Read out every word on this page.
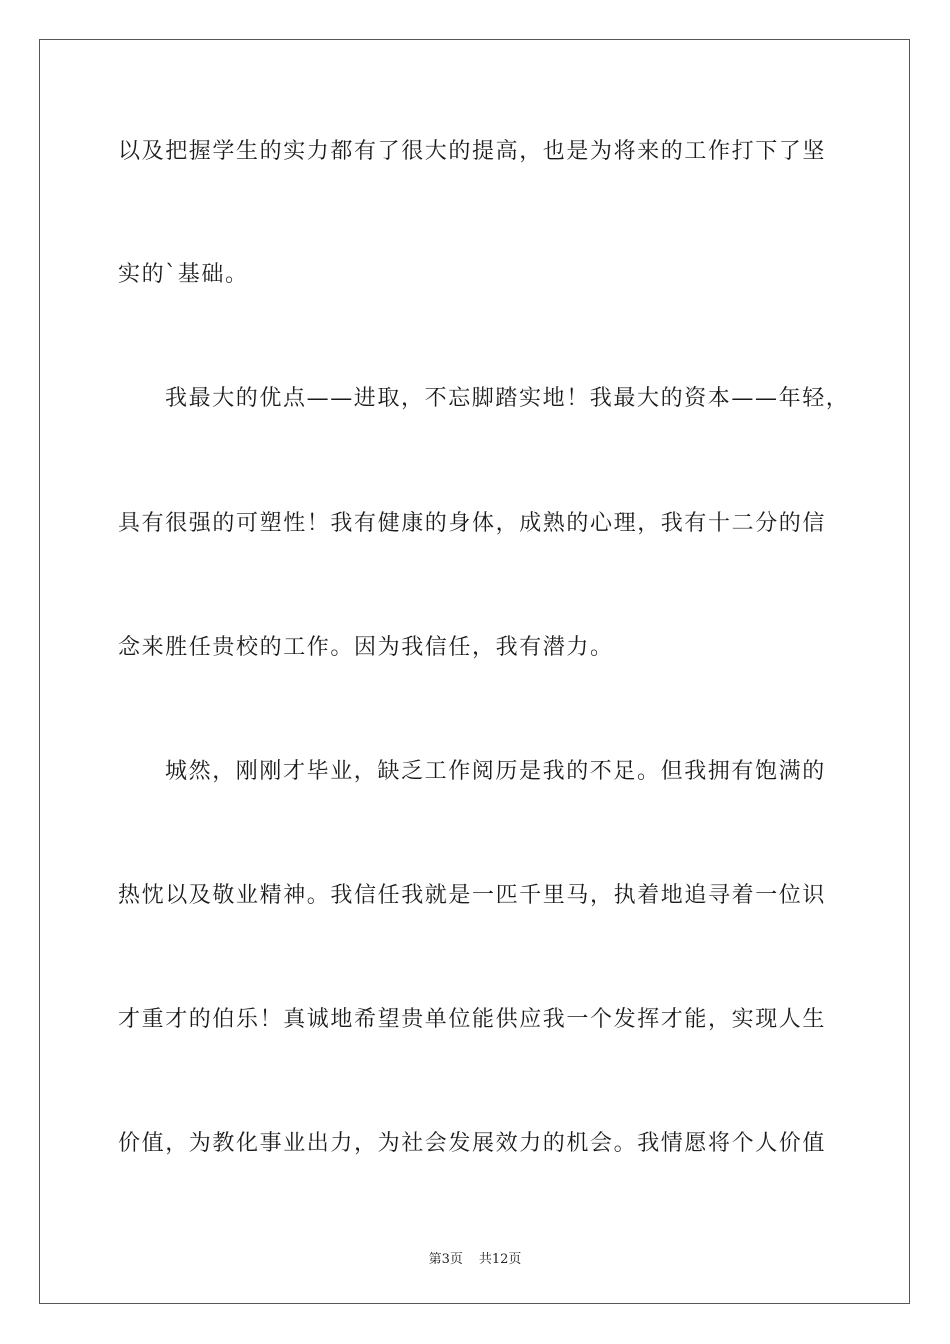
以及把握学生的实力都有了很大的提高，也是为将来的工作打下了坚
实的`基础。
我最大的优点——进取，不忘脚踏实地！我最大的资本——年轻，
具有很强的可塑性！我有健康的身体，成熟的心理，我有十二分的信
念来胜任贵校的工作。因为我信任，我有潜力。
城然，刚刚才毕业，缺乏工作阅历是我的不足。但我拥有饱满的
热忱以及敬业精神。我信任我就是一匹千里马，执着地追寻着一位识
才重才的伯乐！真诚地希望贵单位能供应我一个发挥才能，实现人生
价值，为教化事业出力，为社会发展效力的机会。我情愿将个人价值
第3页 共12页
